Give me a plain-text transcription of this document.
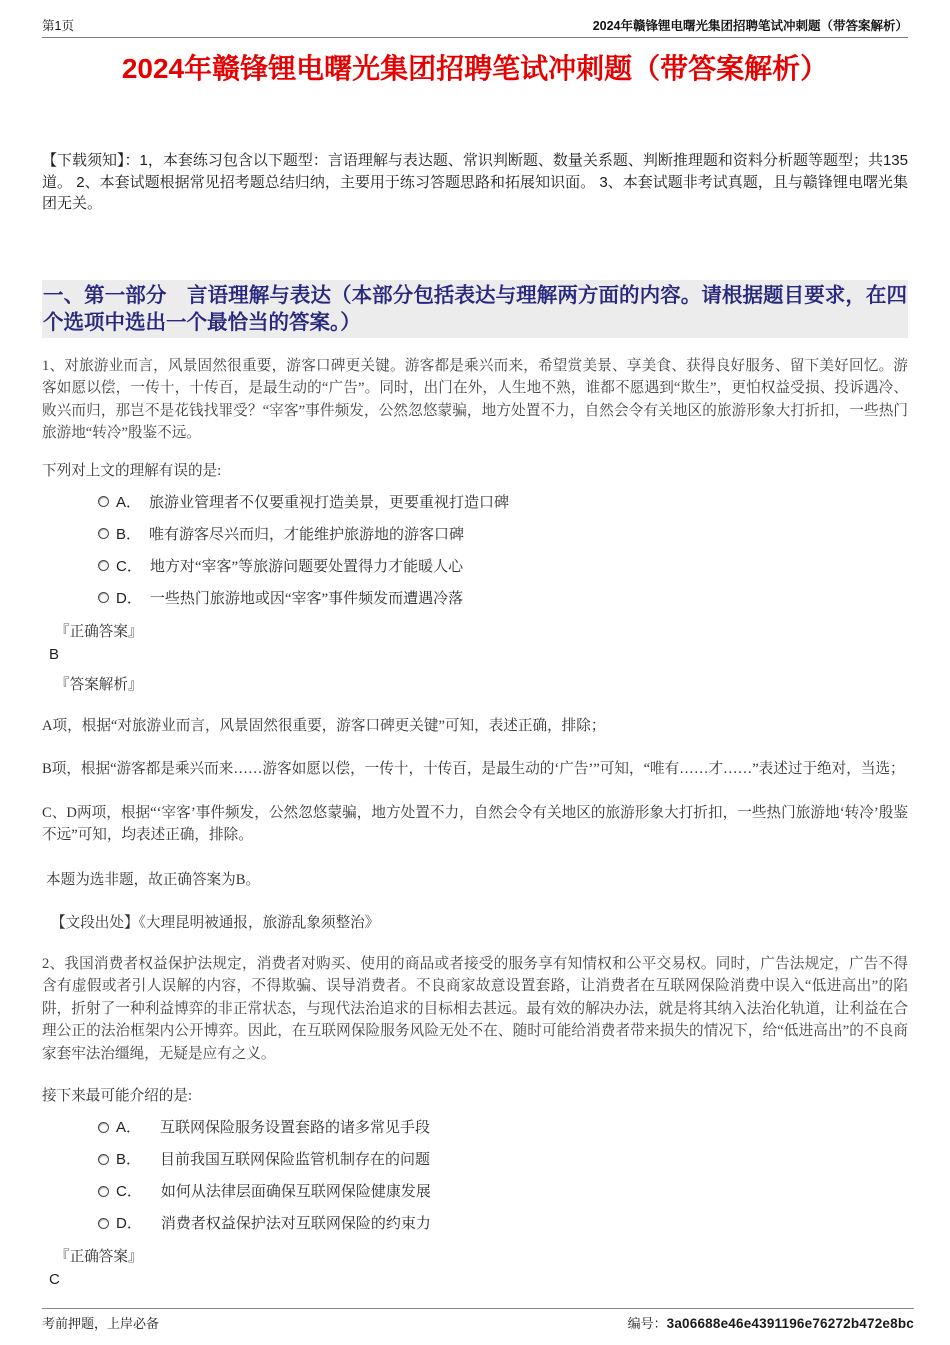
第1页	2024年赣锋锂电曙光集团招聘笔试冲刺题（带答案解析）
2024年赣锋锂电曙光集团招聘笔试冲刺题（带答案解析）

【下载须知】：1，本套练习包含以下题型：言语理解与表达题、常识判断题、数量关系题、判断推理题和资料分析题等题型；共135道。 2、本套试题根据常见招考题总结归纳，主要用于练习答题思路和拓展知识面。 3、本套试题非考试真题，且与赣锋锂电曙光集团无关。

一、第一部分　言语理解与表达（本部分包括表达与理解两方面的内容。请根据题目要求，在四个选项中选出一个最恰当的答案。）

1、对旅游业而言，风景固然很重要，游客口碑更关键。游客都是乘兴而来，希望赏美景、享美食、获得良好服务、留下美好回忆。游客如愿以偿，一传十，十传百，是最生动的“广告”。同时，出门在外，人生地不熟，谁都不愿遇到“欺生”，更怕权益受损、投诉遇冷、败兴而归，那岂不是花钱找罪受？“宰客”事件频发，公然忽悠蒙骗，地方处置不力，自然会令有关地区的旅游形象大打折扣，一些热门旅游地“转冷”殷鉴不远。

下列对上文的理解有误的是:

A． 旅游业管理者不仅要重视打造美景，更要重视打造口碑
B． 唯有游客尽兴而归，才能维护旅游地的游客口碑
C． 地方对“宰客”等旅游问题要处置得力才能暖人心
D． 一些热门旅游地或因“宰客”事件频发而遭遇冷落

『正确答案』

B

『答案解析』

A项，根据“对旅游业而言，风景固然很重要，游客口碑更关键”可知，表述正确，排除；

B项，根据“游客都是乘兴而来……游客如愿以偿，一传十，十传百，是最生动的‘广告’”可知，“唯有……才……”表述过于绝对，当选；

C、D两项，根据“‘宰客’事件频发，公然忽悠蒙骗，地方处置不力，自然会令有关地区的旅游形象大打折扣，一些热门旅游地‘转冷’殷鉴不远”可知，均表述正确，排除。

本题为选非题，故正确答案为B。

【文段出处】《大理昆明被通报，旅游乱象须整治》

2、我国消费者权益保护法规定，消费者对购买、使用的商品或者接受的服务享有知情权和公平交易权。同时，广告法规定，广告不得含有虚假或者引人误解的内容，不得欺骗、误导消费者。不良商家故意设置套路，让消费者在互联网保险消费中误入“低进高出”的陷阱，折射了一种利益博弈的非正常状态，与现代法治追求的目标相去甚远。最有效的解决办法，就是将其纳入法治化轨道，让利益在合理公正的法治框架内公开博弈。因此，在互联网保险服务风险无处不在、随时可能给消费者带来损失的情况下，给“低进高出”的不良商家套牢法治缰绳，无疑是应有之义。

接下来最可能介绍的是:

A． 互联网保险服务设置套路的诸多常见手段
B． 目前我国互联网保险监管机制存在的问题
C． 如何从法律层面确保互联网保险健康发展
D． 消费者权益保护法对互联网保险的约束力

『正确答案』

C

考前押题，上岸必备	编号： 3a06688e46e4391196e76272b472e8bc
